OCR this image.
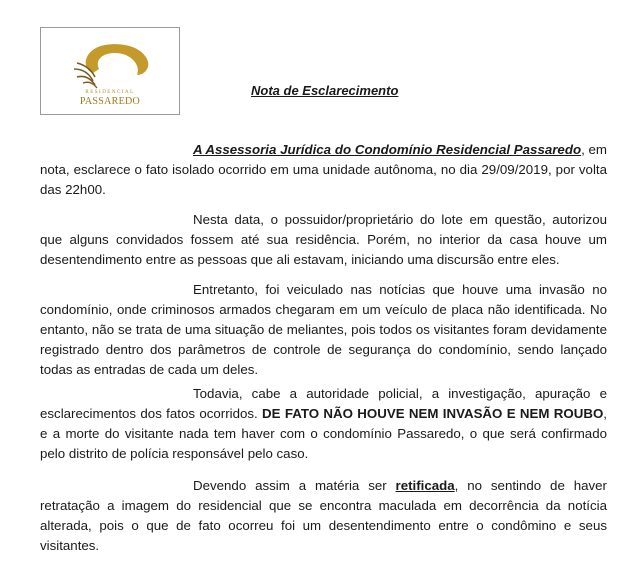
RESIDENCIAL
PASSAREDO
Nota de Esclarecimento

A Assessoria Jurídica do Condomínio Residencial Passaredo, em nota, esclarece o fato isolado ocorrido em uma unidade autônoma, no dia 29/09/2019, por volta das 22h00.

Nesta data, o possuidor/proprietário do lote em questão, autorizou que alguns convidados fossem até sua residência. Porém, no interior da casa houve um desentendimento entre as pessoas que ali estavam, iniciando uma discursão entre eles.

Entretanto, foi veiculado nas notícias que houve uma invasão no condomínio, onde criminosos armados chegaram em um veículo de placa não identificada. No entanto, não se trata de uma situação de meliantes, pois todos os visitantes foram devidamente registrado dentro dos parâmetros de controle de segurança do condomínio, sendo lançado todas as entradas de cada um deles.

Todavia, cabe a autoridade policial, a investigação, apuração e esclarecimentos dos fatos ocorridos. DE FATO NÃO HOUVE NEM INVASÃO E NEM ROUBO, e a morte do visitante nada tem haver com o condomínio Passaredo, o que será confirmado pelo distrito de polícia responsável pelo caso.

Devendo assim a matéria ser retificada, no sentindo de haver retratação a imagem do residencial que se encontra maculada em decorrência da notícia alterada, pois o que de fato ocorreu foi um desentendimento entre o condômino e seus visitantes.
